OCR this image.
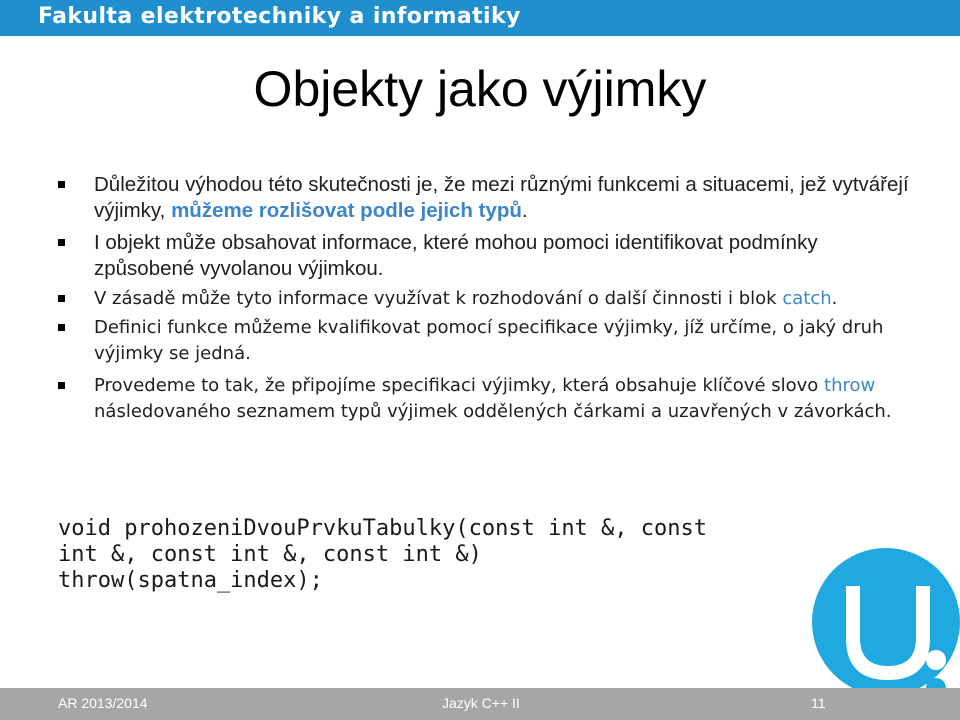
Fakulta elektrotechniky a informatiky
Objekty jako výjimky
Důležitou výhodou této skutečnosti je, že mezi různými funkcemi a situacemi, jež vytvářejí výjimky, můžeme rozlišovat podle jejich typů.
I objekt může obsahovat informace, které mohou pomoci identifikovat podmínky způsobené vyvolanou výjimkou.
V zásadě může tyto informace využívat k rozhodování o další činnosti i blok catch.
Definici funkce můžeme kvalifikovat pomocí specifikace výjimky, jíž určíme, o jaký druh výjimky se jedná.
Provedeme to tak, že připojíme specifikaci výjimky, která obsahuje klíčové slovo throw následovaného seznamem typů výjimek oddělených čárkami a uzavřených v závorkách.
void prohozeniDvouPrvkuTabulky(const int &, const
int &, const int &, const int &)
throw(spatna_index);
AR 2013/2014	Jazyk C++ II	11
